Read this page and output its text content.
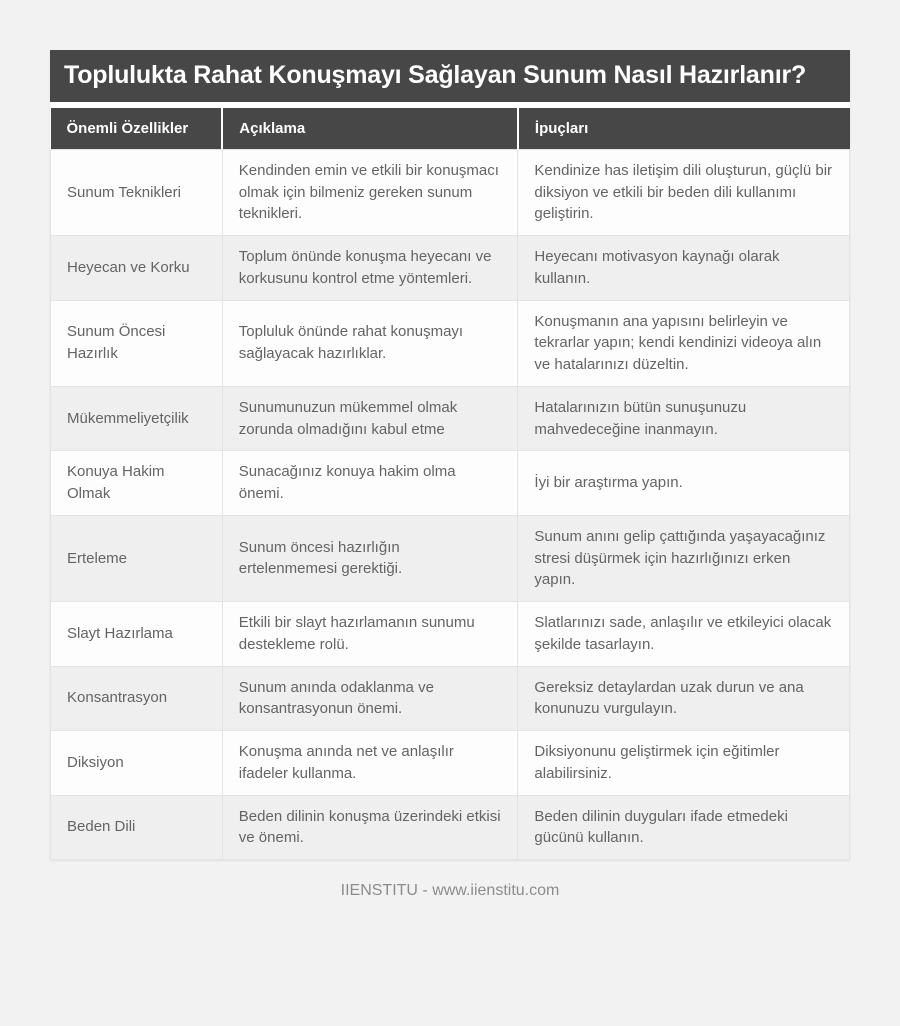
Toplulukta Rahat Konuşmayı Sağlayan Sunum Nasıl Hazırlanır?
Önemli Özellikler	Açıklama	İpuçları
Sunum Teknikleri	Kendinden emin ve etkili bir konuşmacı olmak için bilmeniz gereken sunum teknikleri.	Kendinize has iletişim dili oluşturun, güçlü bir diksiyon ve etkili bir beden dili kullanımı geliştirin.
Heyecan ve Korku	Toplum önünde konuşma heyecanı ve korkusunu kontrol etme yöntemleri.	Heyecanı motivasyon kaynağı olarak kullanın.
Sunum Öncesi Hazırlık	Topluluk önünde rahat konuşmayı sağlayacak hazırlıklar.	Konuşmanın ana yapısını belirleyin ve tekrarlar yapın; kendi kendinizi videoya alın ve hatalarınızı düzeltin.
Mükemmeliyetçilik	Sunumunuzun mükemmel olmak zorunda olmadığını kabul etme	Hatalarınızın bütün sunuşunuzu mahvedeceğine inanmayın.
Konuya Hakim Olmak	Sunacağınız konuya hakim olma önemi.	İyi bir araştırma yapın.
Erteleme	Sunum öncesi hazırlığın ertelenmemesi gerektiği.	Sunum anını gelip çattığında yaşayacağınız stresi düşürmek için hazırlığınızı erken yapın.
Slayt Hazırlama	Etkili bir slayt hazırlamanın sunumu destekleme rolü.	Slatlarınızı sade, anlaşılır ve etkileyici olacak şekilde tasarlayın.
Konsantrasyon	Sunum anında odaklanma ve konsantrasyonun önemi.	Gereksiz detaylardan uzak durun ve ana konunuzu vurgulayın.
Diksiyon	Konuşma anında net ve anlaşılır ifadeler kullanma.	Diksiyonunu geliştirmek için eğitimler alabilirsiniz.
Beden Dili	Beden dilinin konuşma üzerindeki etkisi ve önemi.	Beden dilinin duyguları ifade etmedeki gücünü kullanın.
IIENSTITU - www.iienstitu.com
